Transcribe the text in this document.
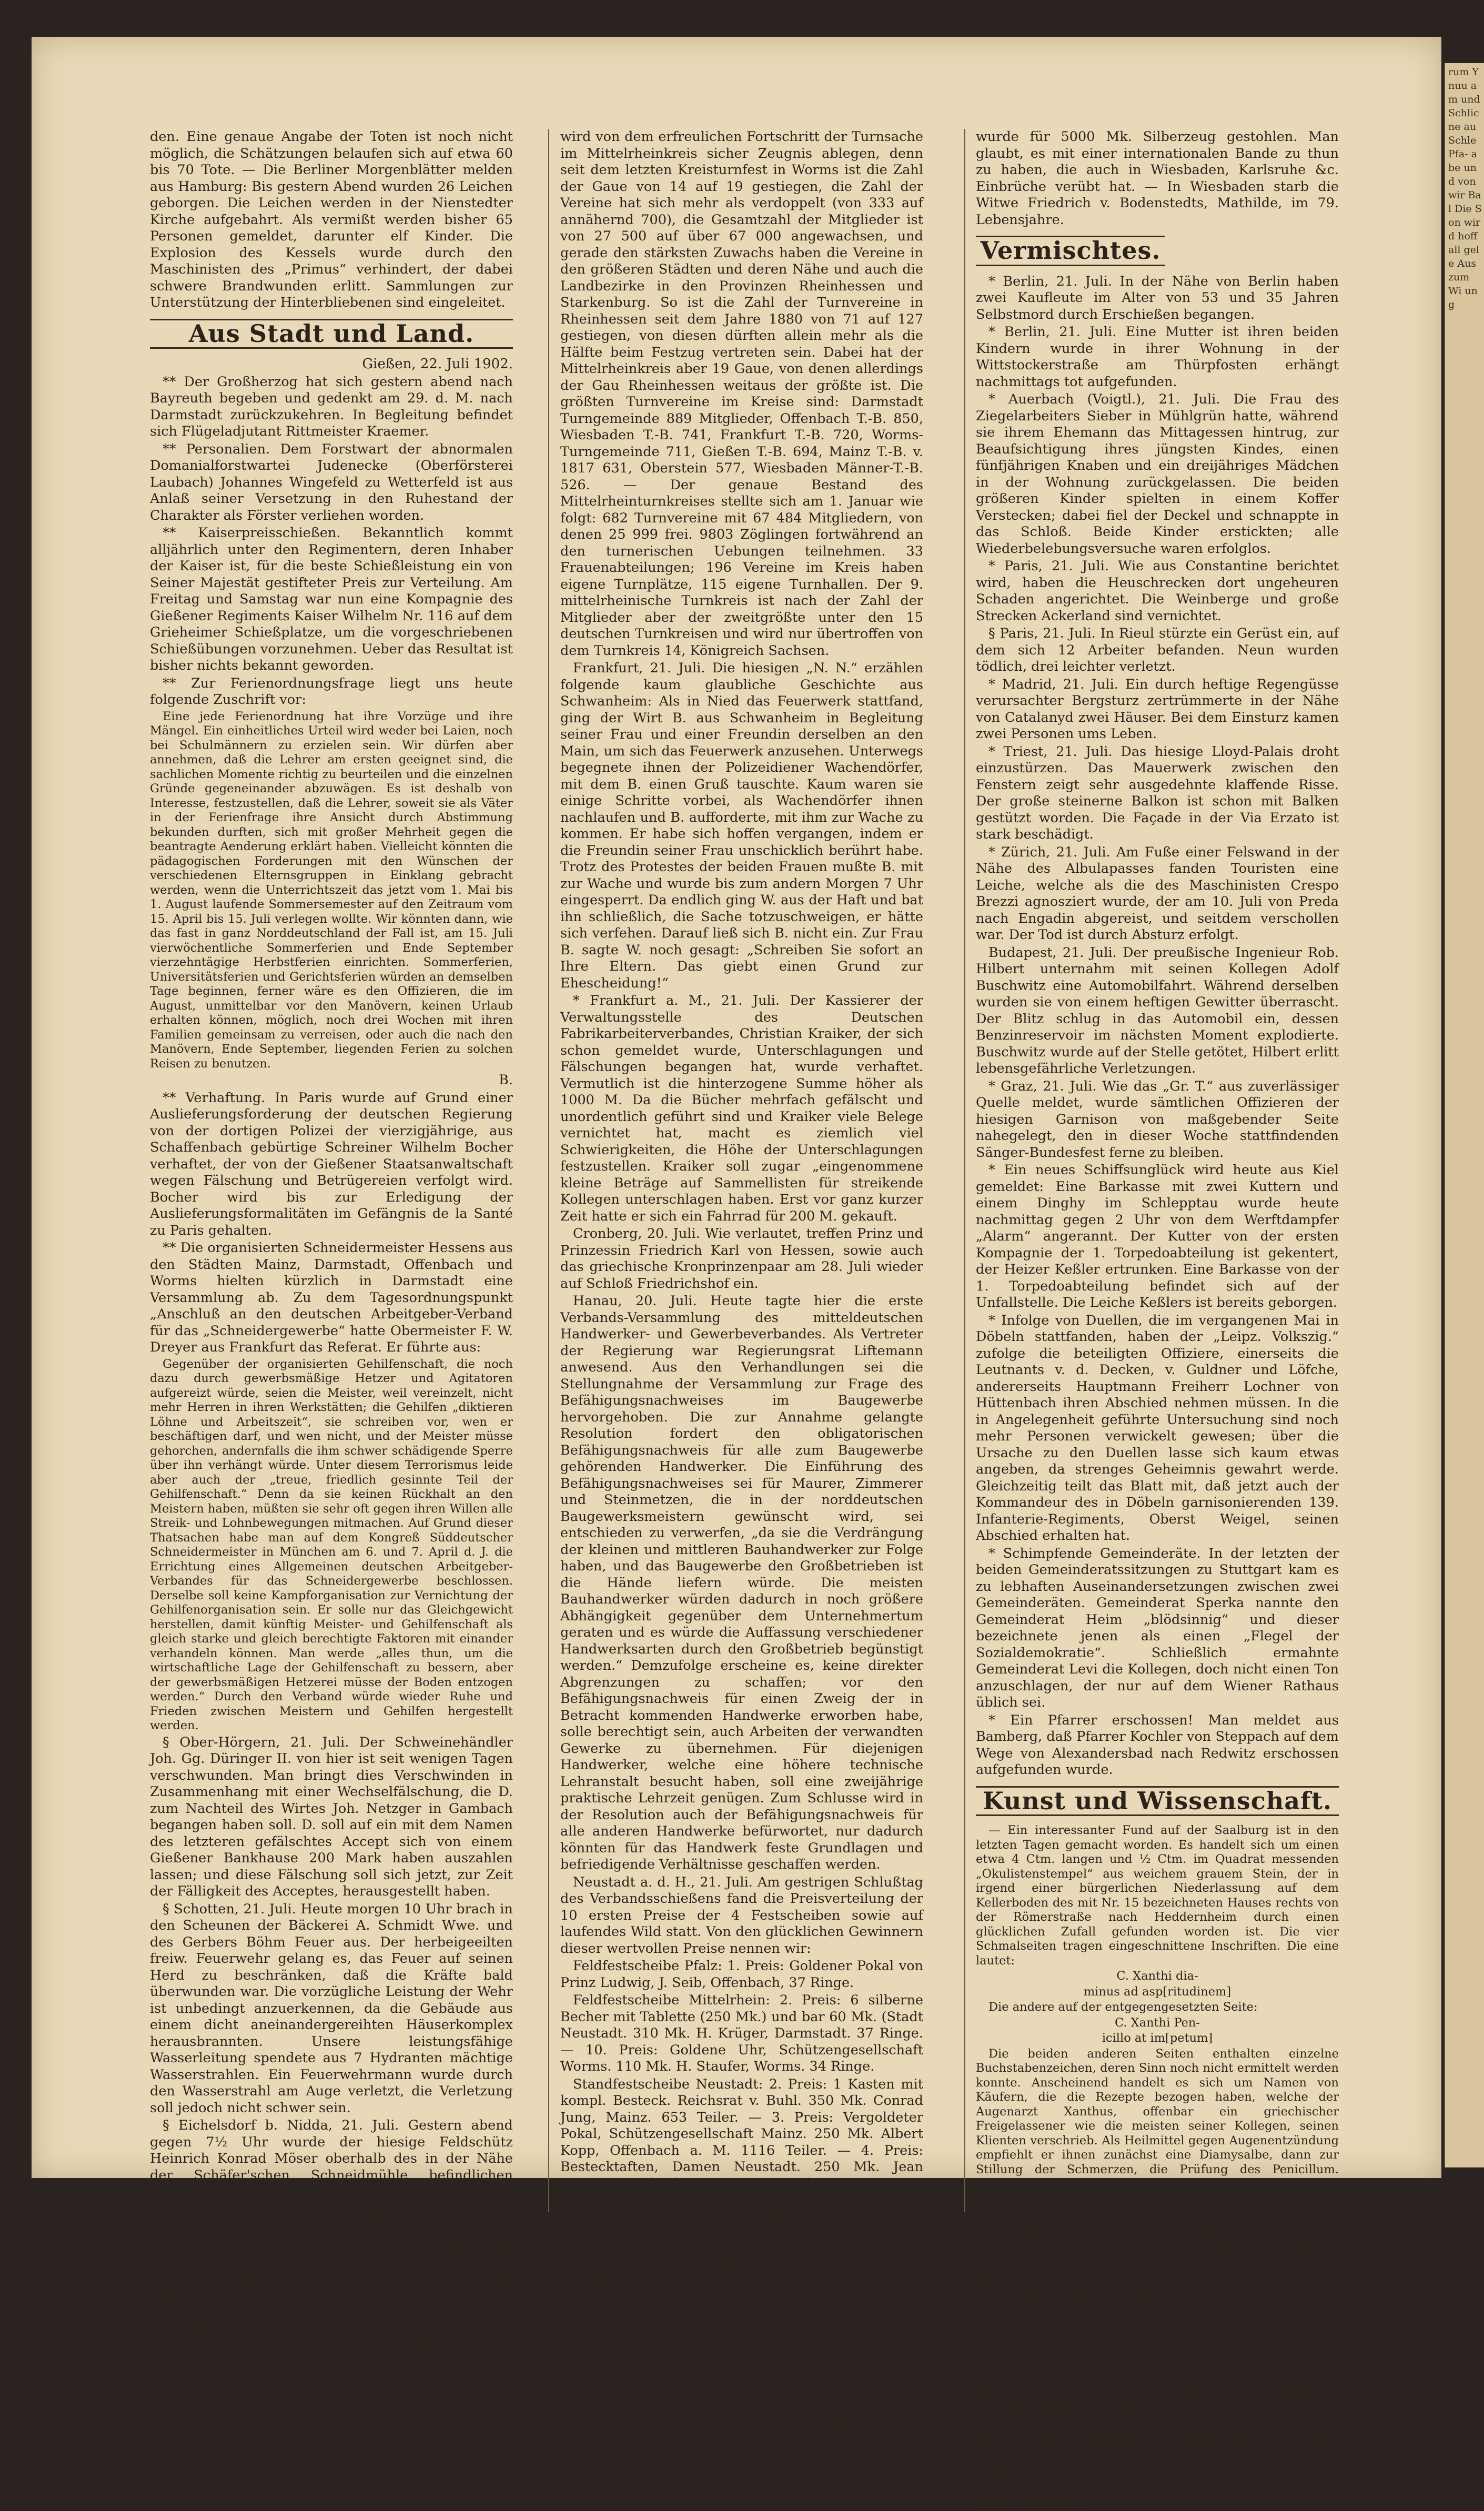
den. Eine genaue Angabe der Toten ist noch nicht möglich, die Schätzungen belaufen sich auf etwa 60 bis 70 Tote. — Die Berliner Morgenblätter melden aus Hamburg: Bis gestern Abend wurden 26 Leichen geborgen. Die Leichen werden in der Nienstedter Kirche aufgebahrt. Als vermißt werden bisher 65 Personen gemeldet, darunter elf Kinder. Die Explosion des Kessels wurde durch den Maschinisten des „Primus“ verhindert, der dabei schwere Brandwunden erlitt. Sammlungen zur Unterstützung der Hinterbliebenen sind eingeleitet.

Aus Stadt und Land.

Gießen, 22. Juli 1902.

** Der Großherzog hat sich gestern abend nach Bayreuth begeben und gedenkt am 29. d. M. nach Darmstadt zurückzukehren. In Begleitung befindet sich Flügeladjutant Rittmeister Kraemer.

** Personalien. Dem Forstwart der abnormalen Domanialforstwartei Judenecke (Oberförsterei Laubach) Johannes Wingefeld zu Wetterfeld ist aus Anlaß seiner Versetzung in den Ruhestand der Charakter als Förster verliehen worden.

** Kaiserpreisschießen. Bekanntlich kommt alljährlich unter den Regimentern, deren Inhaber der Kaiser ist, für die beste Schießleistung ein von Seiner Majestät gestifteter Preis zur Verteilung. Am Freitag und Samstag war nun eine Kompagnie des Gießener Regiments Kaiser Wilhelm Nr. 116 auf dem Grieheimer Schießplatze, um die vorgeschriebenen Schießübungen vorzunehmen. Ueber das Resultat ist bisher nichts bekannt geworden.

** Zur Ferienordnungsfrage liegt uns heute folgende Zuschrift vor:

Eine jede Ferienordnung hat ihre Vorzüge und ihre Mängel. Ein einheitliches Urteil wird weder bei Laien, noch bei Schulmännern zu erzielen sein. Wir dürfen aber annehmen, daß die Lehrer am ersten geeignet sind, die sachlichen Momente richtig zu beurteilen und die einzelnen Gründe gegeneinander abzuwägen. Es ist deshalb von Interesse, festzustellen, daß die Lehrer, soweit sie als Väter in der Ferienfrage ihre Ansicht durch Abstimmung bekunden durften, sich mit großer Mehrheit gegen die beantragte Aenderung erklärt haben. Vielleicht könnten die pädagogischen Forderungen mit den Wünschen der verschiedenen Elternsgruppen in Einklang gebracht werden, wenn die Unterrichtszeit das jetzt vom 1. Mai bis 1. August laufende Sommersemester auf den Zeitraum vom 15. April bis 15. Juli verlegen wollte. Wir könnten dann, wie das fast in ganz Norddeutschland der Fall ist, am 15. Juli vierwöchentliche Sommerferien und Ende September vierzehntägige Herbstferien einrichten. Sommerferien, Universitätsferien und Gerichtsferien würden an demselben Tage beginnen, ferner wäre es den Offizieren, die im August, unmittelbar vor den Manövern, keinen Urlaub erhalten können, möglich, noch drei Wochen mit ihren Familien gemeinsam zu verreisen, oder auch die nach den Manövern, Ende September, liegenden Ferien zu solchen Reisen zu benutzen.

B.

** Verhaftung. In Paris wurde auf Grund einer Auslieferungsforderung der deutschen Regierung von der dortigen Polizei der vierzigjährige, aus Schaffenbach gebürtige Schreiner Wilhelm Bocher verhaftet, der von der Gießener Staatsanwaltschaft wegen Fälschung und Betrügereien verfolgt wird. Bocher wird bis zur Erledigung der Auslieferungsformalitäten im Gefängnis de la Santé zu Paris gehalten.

** Die organisierten Schneidermeister Hessens aus den Städten Mainz, Darmstadt, Offenbach und Worms hielten kürzlich in Darmstadt eine Versammlung ab. Zu dem Tagesordnungspunkt „Anschluß an den deutschen Arbeitgeber-Verband für das „Schneidergewerbe“ hatte Obermeister F. W. Dreyer aus Frankfurt das Referat. Er führte aus:

Gegenüber der organisierten Gehilfenschaft, die noch dazu durch gewerbsmäßige Hetzer und Agitatoren aufgereizt würde, seien die Meister, weil vereinzelt, nicht mehr Herren in ihren Werkstätten; die Gehilfen „diktieren Löhne und Arbeitszeit“, sie schreiben vor, wen er beschäftigen darf, und wen nicht, und der Meister müsse gehorchen, andernfalls die ihm schwer schädigende Sperre über ihn verhängt würde. Unter diesem Terrorismus leide aber auch der „treue, friedlich gesinnte Teil der Gehilfenschaft.“ Denn da sie keinen Rückhalt an den Meistern haben, müßten sie sehr oft gegen ihren Willen alle Streik- und Lohnbewegungen mitmachen. Auf Grund dieser Thatsachen habe man auf dem Kongreß Süddeutscher Schneidermeister in München am 6. und 7. April d. J. die Errichtung eines Allgemeinen deutschen Arbeitgeber-Verbandes für das Schneidergewerbe beschlossen. Derselbe soll keine Kampforganisation zur Vernichtung der Gehilfenorganisation sein. Er solle nur das Gleichgewicht herstellen, damit künftig Meister- und Gehilfenschaft als gleich starke und gleich berechtigte Faktoren mit einander verhandeln können. Man werde „alles thun, um die wirtschaftliche Lage der Gehilfenschaft zu bessern, aber der gewerbsmäßigen Hetzerei müsse der Boden entzogen werden.“ Durch den Verband würde wieder Ruhe und Frieden zwischen Meistern und Gehilfen hergestellt werden.

§ Ober-Hörgern, 21. Juli. Der Schweinehändler Joh. Gg. Düringer II. von hier ist seit wenigen Tagen verschwunden. Man bringt dies Verschwinden in Zusammenhang mit einer Wechselfälschung, die D. zum Nachteil des Wirtes Joh. Netzger in Gambach begangen haben soll. D. soll auf ein mit dem Namen des letzteren gefälschtes Accept sich von einem Gießener Bankhause 200 Mark haben auszahlen lassen; und diese Fälschung soll sich jetzt, zur Zeit der Fälligkeit des Acceptes, herausgestellt haben.

§ Schotten, 21. Juli. Heute morgen 10 Uhr brach in den Scheunen der Bäckerei A. Schmidt Wwe. und des Gerbers Böhm Feuer aus. Der herbeigeeilten freiw. Feuerwehr gelang es, das Feuer auf seinen Herd zu beschränken, daß die Kräfte bald überwunden war. Die vorzügliche Leistung der Wehr ist unbedingt anzuerkennen, da die Gebäude aus einem dicht aneinandergereihten Häuserkomplex herausbrannten. Unsere leistungsfähige Wasserleitung spendete aus 7 Hydranten mächtige Wasserstrahlen. Ein Feuerwehrmann wurde durch den Wasserstrahl am Auge verletzt, die Verletzung soll jedoch nicht schwer sein.

§ Eichelsdorf b. Nidda, 21. Juli. Gestern abend gegen 7½ Uhr wurde der hiesige Feldschütz Heinrich Konrad Möser oberhalb des in der Nähe der Schäfer'schen Schneidmühle befindlichen Wehres tot in der Nidda liegend aufgefunden. Etwa eine halbe Stunde vorher war Möser noch von einem hiesigen Einwohner gesehen worden, wie er in ziemlich angetrunkenem Zustande einen der Nidda entlang führenden Fußweg ging. Zweifellos ist Möser infolge seiner Trunkenheit vom Wege abgekommen und in das Wasser gefallen, aus dem er sich nicht mehr herausheIfen konnte.

§ Worms, 21. Juli. Das Mittelrheinische Kreisturnfest, vor allem der große Festzug am 3. August,

wird von dem erfreulichen Fortschritt der Turnsache im Mittelrheinkreis sicher Zeugnis ablegen, denn seit dem letzten Kreisturnfest in Worms ist die Zahl der Gaue von 14 auf 19 gestiegen, die Zahl der Vereine hat sich mehr als verdoppelt (von 333 auf annähernd 700), die Gesamtzahl der Mitglieder ist von 27 500 auf über 67 000 angewachsen, und gerade den stärksten Zuwachs haben die Vereine in den größeren Städten und deren Nähe und auch die Landbezirke in den Provinzen Rheinhessen und Starkenburg. So ist die Zahl der Turnvereine in Rheinhessen seit dem Jahre 1880 von 71 auf 127 gestiegen, von diesen dürften allein mehr als die Hälfte beim Festzug vertreten sein. Dabei hat der Mittelrheinkreis aber 19 Gaue, von denen allerdings der Gau Rheinhessen weitaus der größte ist. Die größten Turnvereine im Kreise sind: Darmstadt Turngemeinde 889 Mitglieder, Offenbach T.-B. 850, Wiesbaden T.-B. 741, Frankfurt T.-B. 720, Worms-Turngemeinde 711, Gießen T.-B. 694, Mainz T.-B. v. 1817 631, Oberstein 577, Wiesbaden Männer-T.-B. 526. — Der genaue Bestand des Mittelrheinturnkreises stellte sich am 1. Januar wie folgt: 682 Turnvereine mit 67 484 Mitgliedern, von denen 25 999 frei. 9803 Zöglingen fortwährend an den turnerischen Uebungen teilnehmen. 33 Frauenabteilungen; 196 Vereine im Kreis haben eigene Turnplätze, 115 eigene Turnhallen. Der 9. mittelrheinische Turnkreis ist nach der Zahl der Mitglieder aber der zweitgrößte unter den 15 deutschen Turnkreisen und wird nur übertroffen von dem Turnkreis 14, Königreich Sachsen.

Frankfurt, 21. Juli. Die hiesigen „N. N.“ erzählen folgende kaum glaubliche Geschichte aus Schwanheim: Als in Nied das Feuerwerk stattfand, ging der Wirt B. aus Schwanheim in Begleitung seiner Frau und einer Freundin derselben an den Main, um sich das Feuerwerk anzusehen. Unterwegs begegnete ihnen der Polizeidiener Wachendörfer, mit dem B. einen Gruß tauschte. Kaum waren sie einige Schritte vorbei, als Wachendörfer ihnen nachlaufen und B. aufforderte, mit ihm zur Wache zu kommen. Er habe sich hoffen vergangen, indem er die Freundin seiner Frau unschicklich berührt habe. Trotz des Protestes der beiden Frauen mußte B. mit zur Wache und wurde bis zum andern Morgen 7 Uhr eingesperrt. Da endlich ging W. aus der Haft und bat ihn schließlich, die Sache totzuschweigen, er hätte sich verfehen. Darauf ließ sich B. nicht ein. Zur Frau B. sagte W. noch gesagt: „Schreiben Sie sofort an Ihre Eltern. Das giebt einen Grund zur Ehescheidung!“

* Frankfurt a. M., 21. Juli. Der Kassierer der Verwaltungsstelle des Deutschen Fabrikarbeiterverbandes, Christian Kraiker, der sich schon gemeldet wurde, Unterschlagungen und Fälschungen begangen hat, wurde verhaftet. Vermutlich ist die hinterzogene Summe höher als 1000 M. Da die Bücher mehrfach gefälscht und unordentlich geführt sind und Kraiker viele Belege vernichtet hat, macht es ziemlich viel Schwierigkeiten, die Höhe der Unterschlagungen festzustellen. Kraiker soll zugar „eingenommene kleine Beträge auf Sammellisten für streikende Kollegen unterschlagen haben. Erst vor ganz kurzer Zeit hatte er sich ein Fahrrad für 200 M. gekauft.

Cronberg, 20. Juli. Wie verlautet, treffen Prinz und Prinzessin Friedrich Karl von Hessen, sowie auch das griechische Kronprinzenpaar am 28. Juli wieder auf Schloß Friedrichshof ein.

Hanau, 20. Juli. Heute tagte hier die erste Verbands-Versammlung des mitteldeutschen Handwerker- und Gewerbeverbandes. Als Vertreter der Regierung war Regierungsrat Liftemann anwesend. Aus den Verhandlungen sei die Stellungnahme der Versammlung zur Frage des Befähigungsnachweises im Baugewerbe hervorgehoben. Die zur Annahme gelangte Resolution fordert den obligatorischen Befähigungsnachweis für alle zum Baugewerbe gehörenden Handwerker. Die Einführung des Befähigungsnachweises sei für Maurer, Zimmerer und Steinmetzen, die in der norddeutschen Baugewerksmeistern gewünscht wird, sei entschieden zu verwerfen, „da sie die Verdrängung der kleinen und mittleren Bauhandwerker zur Folge haben, und das Baugewerbe den Großbetrieben ist die Hände liefern würde. Die meisten Bauhandwerker würden dadurch in noch größere Abhängigkeit gegenüber dem Unternehmertum geraten und es würde die Auffassung verschiedener Handwerksarten durch den Großbetrieb begünstigt werden.“ Demzufolge erscheine es, keine direkter Abgrenzungen zu schaffen; vor den Befähigungsnachweis für einen Zweig der in Betracht kommenden Handwerke erworben habe, solle berechtigt sein, auch Arbeiten der verwandten Gewerke zu übernehmen. Für diejenigen Handwerker, welche eine höhere technische Lehranstalt besucht haben, soll eine zweijährige praktische Lehrzeit genügen. Zum Schlusse wird in der Resolution auch der Befähigungsnachweis für alle anderen Handwerke befürwortet, nur dadurch könnten für das Handwerk feste Grundlagen und befriedigende Verhältnisse geschaffen werden.

Neustadt a. d. H., 21. Juli. Am gestrigen Schlußtag des Verbandsschießens fand die Preisverteilung der 10 ersten Preise der 4 Festscheiben sowie auf laufendes Wild statt. Von den glücklichen Gewinnern dieser wertvollen Preise nennen wir:

Feldfestscheibe Pfalz: 1. Preis: Goldener Pokal von Prinz Ludwig, J. Seib, Offenbach, 37 Ringe.

Feldfestscheibe Mittelrhein: 2. Preis: 6 silberne Becher mit Tablette (250 Mk.) und bar 60 Mk. (Stadt Neustadt. 310 Mk. H. Krüger, Darmstadt. 37 Ringe. — 10. Preis: Goldene Uhr, Schützengesellschaft Worms. 110 Mk. H. Staufer, Worms. 34 Ringe.

Standfestscheibe Neustadt: 2. Preis: 1 Kasten mit kompl. Besteck. Reichsrat v. Buhl. 350 Mk. Conrad Jung, Mainz. 653 Teiler. — 3. Preis: Vergoldeter Pokal, Schützengesellschaft Mainz. 250 Mk. Albert Kopp, Offenbach a. M. 1116 Teiler. — 4. Preis: Bestecktaften, Damen Neustadt. 250 Mk. Jean Sauer, Offenbach a. M. 1282 Teiler. — 5. Preis: Kasten mit silb. Besteck, Schützengesellschaft Landau. 250 Mk. Gustav Bogt, Butzbach. 1322 Teiler.

Standfestscheibe Heidelberg: 1. Preis: Silberner Humpen von dem Großherzog von Baden und bar 200 Mk. Aug. Groh, Mainz. 434 Teiler.

Jagd-Scheibe (Laufendes Wild): 6. Preis: Etui mit 12 Eßlöffel und Vorlegelöffel. Pfälz. Schützenbund. 110 Mk. Friedrich Perelet, Offenbach. 30 Ringe. — 10. Preis: Silbernes Kaffeeservice, Schützengesellschaft Gießen 70 Mk. Fehr. v. Diemer, Darmstadt. 30 Ringe.

** Aus Mitteilungen aus Hessen und den Nachbarstaaten. In Mainz sind am Sonntag Nachmittag vier schwere Einbrüche verübt worden. Bei einem

wurde für 5000 Mk. Silberzeug gestohlen. Man glaubt, es mit einer internationalen Bande zu thun zu haben, die auch in Wiesbaden, Karlsruhe &c. Einbrüche verübt hat. — In Wiesbaden starb die Witwe Friedrich v. Bodenstedts, Mathilde, im 79. Lebensjahre.

Vermischtes.

* Berlin, 21. Juli. In der Nähe von Berlin haben zwei Kaufleute im Alter von 53 und 35 Jahren Selbstmord durch Erschießen begangen.

* Berlin, 21. Juli. Eine Mutter ist ihren beiden Kindern wurde in ihrer Wohnung in der Wittstockerstraße am Thürpfosten erhängt nachmittags tot aufgefunden.

* Auerbach (Voigtl.), 21. Juli. Die Frau des Ziegelarbeiters Sieber in Mühlgrün hatte, während sie ihrem Ehemann das Mittagessen hintrug, zur Beaufsichtigung ihres jüngsten Kindes, einen fünfjährigen Knaben und ein dreijähriges Mädchen in der Wohnung zurückgelassen. Die beiden größeren Kinder spielten in einem Koffer Verstecken; dabei fiel der Deckel und schnappte in das Schloß. Beide Kinder erstickten; alle Wiederbelebungsversuche waren erfolglos.

* Paris, 21. Juli. Wie aus Constantine berichtet wird, haben die Heuschrecken dort ungeheuren Schaden angerichtet. Die Weinberge und große Strecken Ackerland sind vernichtet.

§ Paris, 21. Juli. In Rieul stürzte ein Gerüst ein, auf dem sich 12 Arbeiter befanden. Neun wurden tödlich, drei leichter verletzt.

* Madrid, 21. Juli. Ein durch heftige Regengüsse verursachter Bergsturz zertrümmerte in der Nähe von Catalanyd zwei Häuser. Bei dem Einsturz kamen zwei Personen ums Leben.

* Triest, 21. Juli. Das hiesige Lloyd-Palais droht einzustürzen. Das Mauerwerk zwischen den Fenstern zeigt sehr ausgedehnte klaffende Risse. Der große steinerne Balkon ist schon mit Balken gestützt worden. Die Façade in der Via Erzato ist stark beschädigt.

* Zürich, 21. Juli. Am Fuße einer Felswand in der Nähe des Albulapasses fanden Touristen eine Leiche, welche als die des Maschinisten Crespo Brezzi agnosziert wurde, der am 10. Juli von Preda nach Engadin abgereist, und seitdem verschollen war. Der Tod ist durch Absturz erfolgt.

Budapest, 21. Juli. Der preußische Ingenieur Rob. Hilbert unternahm mit seinen Kollegen Adolf Buschwitz eine Automobilfahrt. Während derselben wurden sie von einem heftigen Gewitter überrascht. Der Blitz schlug in das Automobil ein, dessen Benzinreservoir im nächsten Moment explodierte. Buschwitz wurde auf der Stelle getötet, Hilbert erlitt lebensgefährliche Verletzungen.

* Graz, 21. Juli. Wie das „Gr. T.“ aus zuverlässiger Quelle meldet, wurde sämtlichen Offizieren der hiesigen Garnison von maßgebender Seite nahegelegt, den in dieser Woche stattfindenden Sänger-Bundesfest ferne zu bleiben.

* Ein neues Schiffsunglück wird heute aus Kiel gemeldet: Eine Barkasse mit zwei Kuttern und einem Dinghy im Schlepptau wurde heute nachmittag gegen 2 Uhr von dem Werftdampfer „Alarm“ angerannt. Der Kutter von der ersten Kompagnie der 1. Torpedoabteilung ist gekentert, der Heizer Keßler ertrunken. Eine Barkasse von der 1. Torpedoabteilung befindet sich auf der Unfallstelle. Die Leiche Keßlers ist bereits geborgen.

* Infolge von Duellen, die im vergangenen Mai in Döbeln stattfanden, haben der „Leipz. Volkszig.“ zufolge die beteiligten Offiziere, einerseits die Leutnants v. d. Decken, v. Guldner und Löfche, andererseits Hauptmann Freiherr Lochner von Hüttenbach ihren Abschied nehmen müssen. In die in Angelegenheit geführte Untersuchung sind noch mehr Personen verwickelt gewesen; über die Ursache zu den Duellen lasse sich kaum etwas angeben, da strenges Geheimnis gewahrt werde. Gleichzeitig teilt das Blatt mit, daß jetzt auch der Kommandeur des in Döbeln garnisonierenden 139. Infanterie-Regiments, Oberst Weigel, seinen Abschied erhalten hat.

* Schimpfende Gemeinderäte. In der letzten der beiden Gemeinderatssitzungen zu Stuttgart kam es zu lebhaften Auseinandersetzungen zwischen zwei Gemeinderäten. Gemeinderat Sperka nannte den Gemeinderat Heim „blödsinnig“ und dieser bezeichnete jenen als einen „Flegel der Sozialdemokratie“. Schließlich ermahnte Gemeinderat Levi die Kollegen, doch nicht einen Ton anzuschlagen, der nur auf dem Wiener Rathaus üblich sei.

* Ein Pfarrer erschossen! Man meldet aus Bamberg, daß Pfarrer Kochler von Steppach auf dem Wege von Alexandersbad nach Redwitz erschossen aufgefunden wurde.

Kunst und Wissenschaft.

— Ein interessanter Fund auf der Saalburg ist in den letzten Tagen gemacht worden. Es handelt sich um einen etwa 4 Ctm. langen und ½ Ctm. im Quadrat messenden „Okulistenstempel“ aus weichem grauem Stein, der in irgend einer bürgerlichen Niederlassung auf dem Kellerboden des mit Nr. 15 bezeichneten Hauses rechts von der Römerstraße nach Heddernheim durch einen glücklichen Zufall gefunden worden ist. Die vier Schmalseiten tragen eingeschnittene Inschriften. Die eine lautet:

C. Xanthi dia-

minus ad asp[ritudinem]

Die andere auf der entgegengesetzten Seite:

C. Xanthi Pen-

icillo at im[petum]

Die beiden anderen Seiten enthalten einzelne Buchstabenzeichen, deren Sinn noch nicht ermittelt werden konnte. Anscheinend handelt es sich um Namen von Käufern, die die Rezepte bezogen haben, welche der Augenarzt Xanthus, offenbar ein griechischer Freigelassener wie die meisten seiner Kollegen, seinen Klienten verschrieb. Als Heilmittel gegen Augenentzündung empfiehlt er ihnen zunächst eine Diamysalbe, dann zur Stillung der Schmerzen, die Prüfung des Penicillum. Ersteres sowie das Penicillum waren im Altertum sehr beliebt. Jedoch sind die Gelehrten auseinander. Während die eine darin eine Vorschrift zur Anwendung eines Schwammes zu sehen glauben, handelt es sich nach anderer Meinung um einen Pinsel. Diese Ansicht vertritt unter anderen der Franzose Espérandieu, der sämtliche bisher bekannte Okulistenstempel (225) in einem großen Werke behandelt hat, nachdem früher bereits der Heilmittel verschieden. Professor Grotefend in Hannover sich mit der Sache beschäftigt hatte. Bei dieser Gelegenheit sei daran erinnert, daß vor Jahren unweit der jetzigen Fundstätte bereits ein Rezepttiegel des Augenarztes Severus gefunden worden ist. Das Sanitätswesen im römischen Heer thatsächlich thätig waren, ist zu gegebener Zeit besprochen worden. Der neue Fund ist zur Zeit im Saalburgmuseum des Kurhauses zu Homburg mit den entsprechenden Siegelabdrücken zu sehen. — Bei der Saalburg ist man gegenwärtig mit umfangreichen Ausgrabungen beschäftigt, welche die bürgerliche Niederlassung „mit ihren Einrichtungen und der in der üblichen Weise wieder aufgebaut werden, andererseits die porta principalis freizulegen, wobei interessante Reste des alten Kastells mit einem Kasematten

rum Y nuu am und Schlic ne au Schle Pfa- abe und von wir Bal Die Son wird hoff all gele Aus zum Wi ung
